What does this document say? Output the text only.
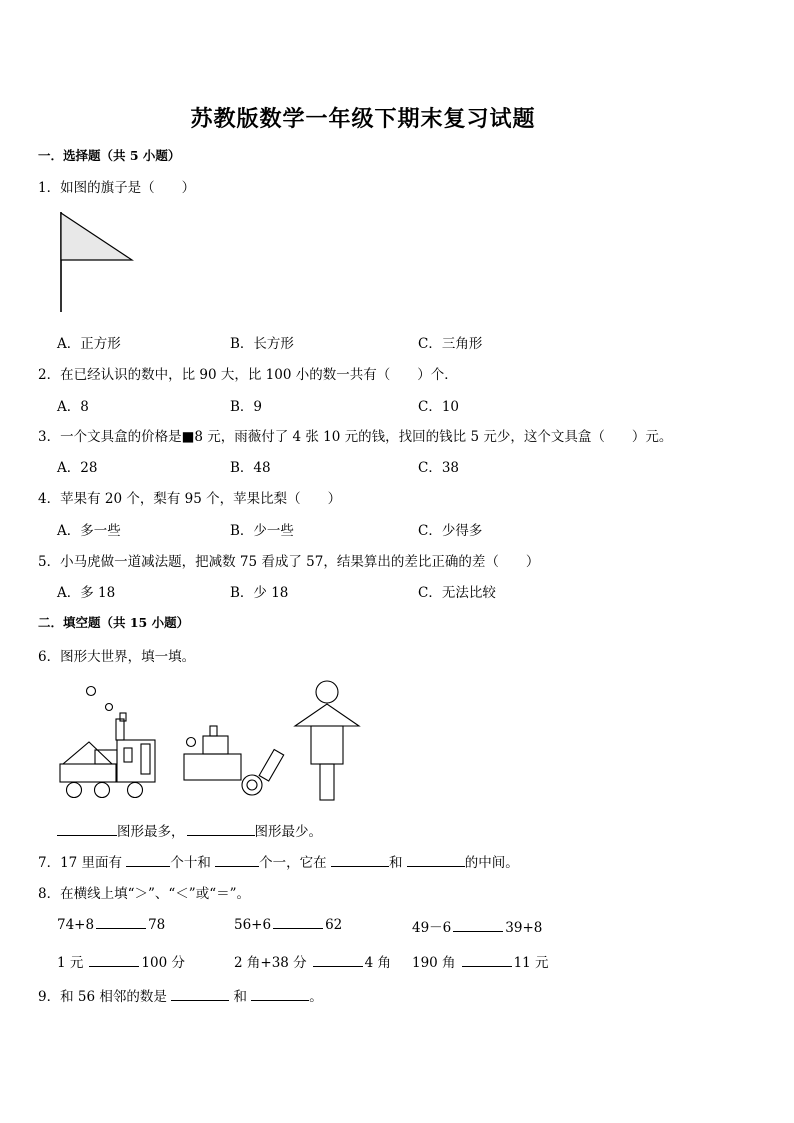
苏教版数学一年级下期末复习试题
一．选择题（共 5 小题）
1．如图的旗子是（　　）
A．正方形	B．长方形	C．三角形
2．在已经认识的数中，比 90 大，比 100 小的数一共有（　　）个．
A．8	B．9	C．10
3．一个文具盒的价格是■8 元，雨薇付了 4 张 10 元的钱，找回的钱比 5 元少，这个文具盒（　　）元。
A．28	B．48	C．38
4．苹果有 20 个，梨有 95 个，苹果比梨（　　）
A．多一些	B．少一些	C．少得多
5．小马虎做一道减法题，把减数 75 看成了 57，结果算出的差比正确的差（　　）
A．多 18	B．少 18	C．无法比较
二．填空题（共 15 小题）
6．图形大世界，填一填。
图形最多，	图形最少。
7．17 里面有	个十和	个一，它在	和	的中间。
8．在横线上填“＞”、“＜”或“＝”。
74+8	78	56+6	62	49－6	39+8
1 元	100 分	2 角+38 分	4 角 190 角	11 元
9．和 56 相邻的数是	和	。
